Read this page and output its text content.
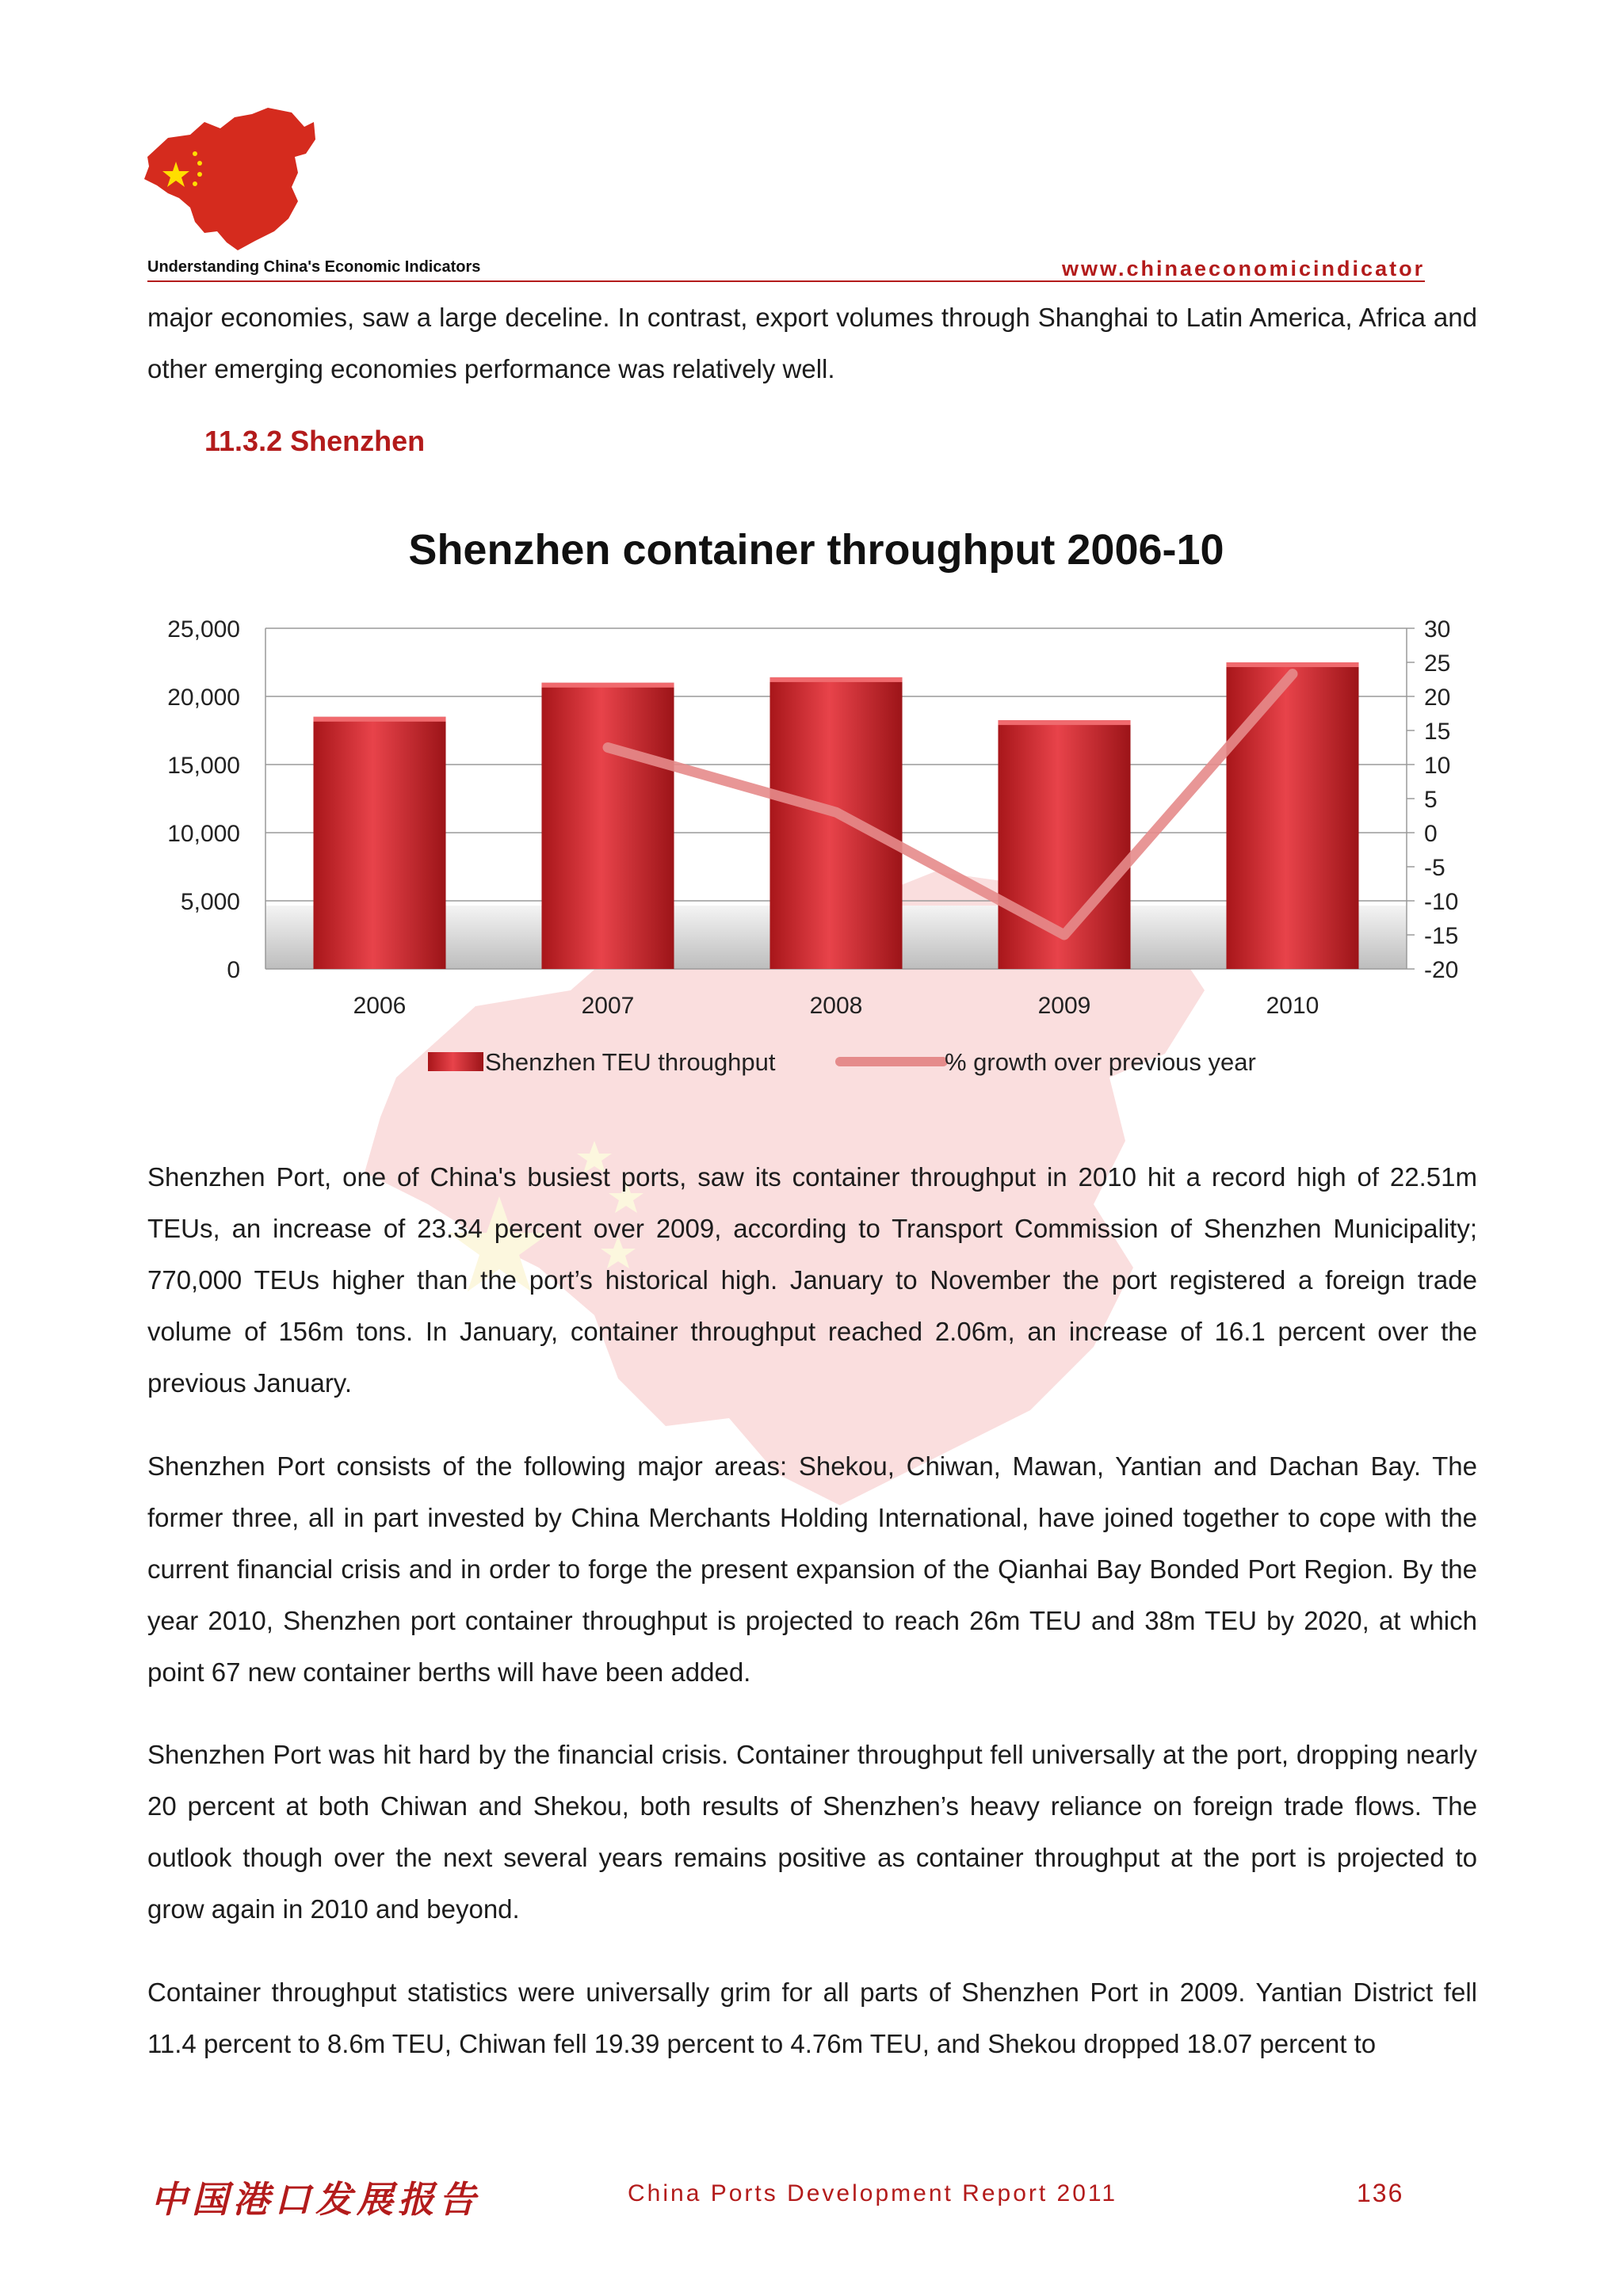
Understanding China's Economic Indicators	www.chinaeconomicindicator
major economies, saw a large deceline. In contrast, export volumes through Shanghai to Latin America, Africa and other emerging economies performance was relatively well.
11.3.2 Shenzhen
Shenzhen container throughput 2006-10
0
5,000
10,000
15,000
20,000
25,000
-20
-15
-10
-5
0
5
10
15
20
25
30
2006	2007	2008	2009	2010
Shenzhen TEU throughput	% growth over previous year
Shenzhen Port, one of China's busiest ports, saw its container throughput in 2010 hit a record high of 22.51m TEUs, an increase of 23.34 percent over 2009, according to Transport Commission of Shenzhen Municipality; 770,000 TEUs higher than the port’s historical high. January to November the port registered a foreign trade volume of 156m tons. In January, container throughput reached 2.06m, an increase of 16.1 percent over the previous January.
Shenzhen Port consists of the following major areas: Shekou, Chiwan, Mawan, Yantian and Dachan Bay. The former three, all in part invested by China Merchants Holding International, have joined together to cope with the current financial crisis and in order to forge the present expansion of the Qianhai Bay Bonded Port Region. By the year 2010, Shenzhen port container throughput is projected to reach 26m TEU and 38m TEU by 2020, at which point 67 new container berths will have been added.
Shenzhen Port was hit hard by the financial crisis. Container throughput fell universally at the port, dropping nearly 20 percent at both Chiwan and Shekou, both results of Shenzhen’s heavy reliance on foreign trade flows. The outlook though over the next several years remains positive as container throughput at the port is projected to grow again in 2010 and beyond.
Container throughput statistics were universally grim for all parts of Shenzhen Port in 2009. Yantian District fell 11.4 percent to 8.6m TEU, Chiwan fell 19.39 percent to 4.76m TEU, and Shekou dropped 18.07 percent to
中国港口发展报告	China Ports Development Report 2011	136
